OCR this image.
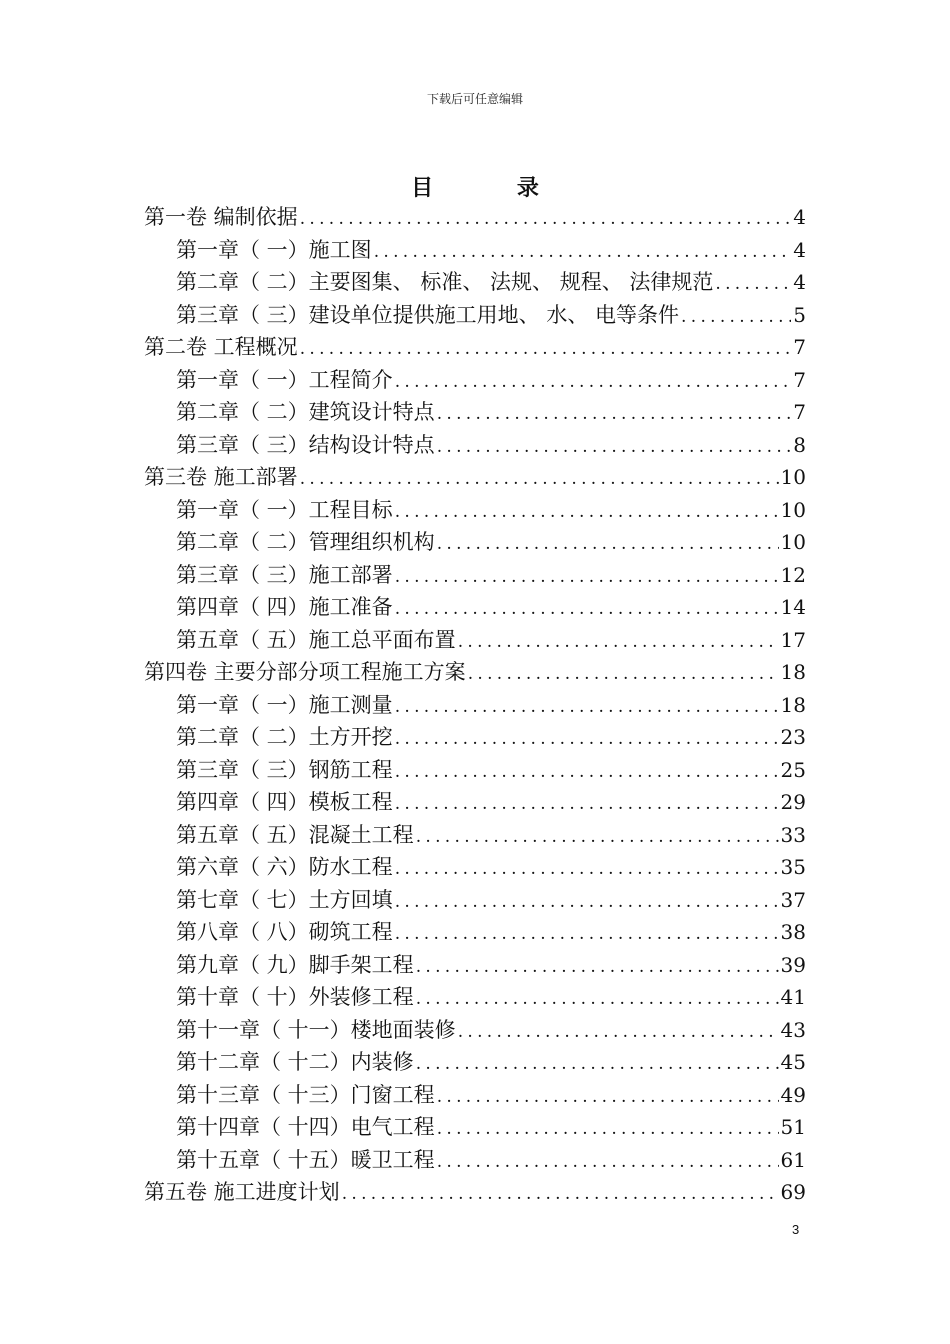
下载后可任意编辑
目 录
第一卷 编制依据 .....	4
第一章（ 一）施工图 .....	4
第二章（ 二）主要图集、 标准、 法规、 规程、 法律规范 .....	4
第三章（ 三）建设单位提供施工用地、 水、 电等条件 .....	5
第二卷 工程概况 .....	7
第一章（ 一）工程简介 .....	7
第二章（ 二）建筑设计特点 .....	7
第三章（ 三）结构设计特点 .....	8
第三卷 施工部署 .....	10
第一章（ 一）工程目标 .....	10
第二章（ 二）管理组织机构 .....	10
第三章（ 三）施工部署 .....	12
第四章（ 四）施工准备 .....	14
第五章（ 五）施工总平面布置 .....	17
第四卷 主要分部分项工程施工方案 .....	18
第一章（ 一）施工测量 .....	18
第二章（ 二）土方开挖 .....	23
第三章（ 三）钢筋工程 .....	25
第四章（ 四）模板工程 .....	29
第五章（ 五）混凝土工程 .....	33
第六章（ 六）防水工程 .....	35
第七章（ 七）土方回填 .....	37
第八章（ 八）砌筑工程 .....	38
第九章（ 九）脚手架工程 .....	39
第十章（ 十）外装修工程 .....	41
第十一章（ 十一）楼地面装修 .....	43
第十二章（ 十二）内装修 .....	45
第十三章（ 十三）门窗工程 .....	49
第十四章（ 十四）电气工程 .....	51
第十五章（ 十五）暖卫工程 .....	61
第五卷 施工进度计划 .....	69
3
